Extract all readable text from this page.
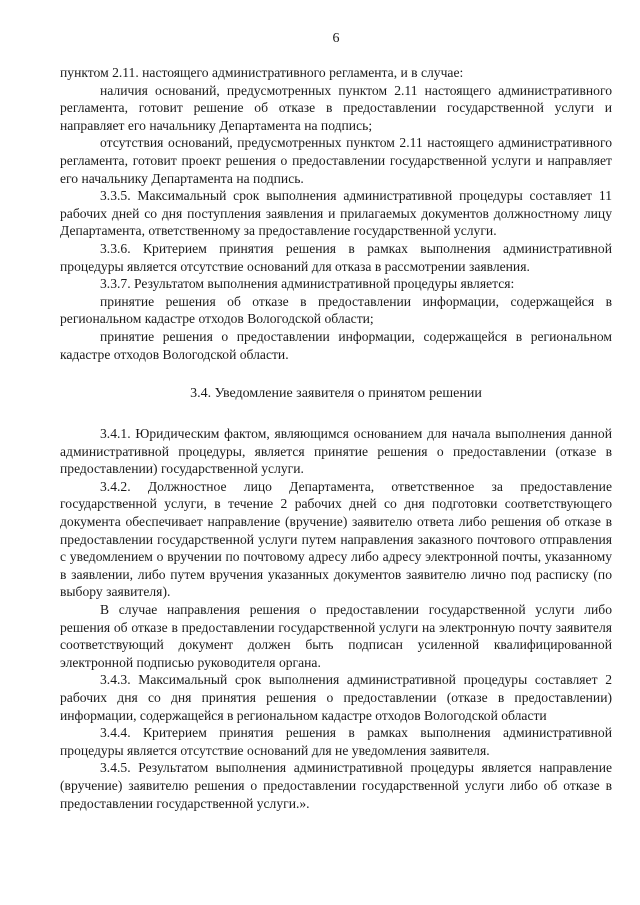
6

пунктом 2.11. настоящего административного регламента, и в случае:

наличия оснований, предусмотренных пунктом 2.11 настоящего административного регламента, готовит решение об отказе в предоставлении государственной услуги и направляет его начальнику Департамента на подпись;

отсутствия оснований, предусмотренных пунктом 2.11 настоящего административного регламента, готовит проект решения о предоставлении государственной услуги и направляет его начальнику Департамента на подпись.

3.3.5. Максимальный срок выполнения административной процедуры составляет 11 рабочих дней со дня поступления заявления и прилагаемых документов должностному лицу Департамента, ответственному за предоставление государственной услуги.

3.3.6. Критерием принятия решения в рамках выполнения административной процедуры является отсутствие оснований для отказа в рассмотрении заявления.

3.3.7. Результатом выполнения административной процедуры является:

принятие решения об отказе в предоставлении информации, содержащейся в региональном кадастре отходов Вологодской области;

принятие решения о предоставлении информации, содержащейся в региональном кадастре отходов Вологодской области.

3.4. Уведомление заявителя о принятом решении

3.4.1. Юридическим фактом, являющимся основанием для начала выполнения данной административной процедуры, является принятие решения о предоставлении (отказе в предоставлении) государственной услуги.

3.4.2. Должностное лицо Департамента, ответственное за предоставление государственной услуги, в течение 2 рабочих дней со дня подготовки соответствующего документа обеспечивает направление (вручение) заявителю ответа либо решения об отказе в предоставлении государственной услуги путем направления заказного почтового отправления с уведомлением о вручении по почтовому адресу либо адресу электронной почты, указанному в заявлении, либо путем вручения указанных документов заявителю лично под расписку (по выбору заявителя).

В случае направления решения о предоставлении государственной услуги либо решения об отказе в предоставлении государственной услуги на электронную почту заявителя соответствующий документ должен быть подписан усиленной квалифицированной электронной подписью руководителя органа.

3.4.3. Максимальный срок выполнения административной процедуры составляет 2 рабочих дня со дня принятия решения о предоставлении (отказе в предоставлении) информации, содержащейся в региональном кадастре отходов Вологодской области

3.4.4. Критерием принятия решения в рамках выполнения административной процедуры является отсутствие оснований для не уведомления заявителя.

3.4.5. Результатом выполнения административной процедуры является направление (вручение) заявителю решения о предоставлении государственной услуги либо об отказе в предоставлении государственной услуги.».
